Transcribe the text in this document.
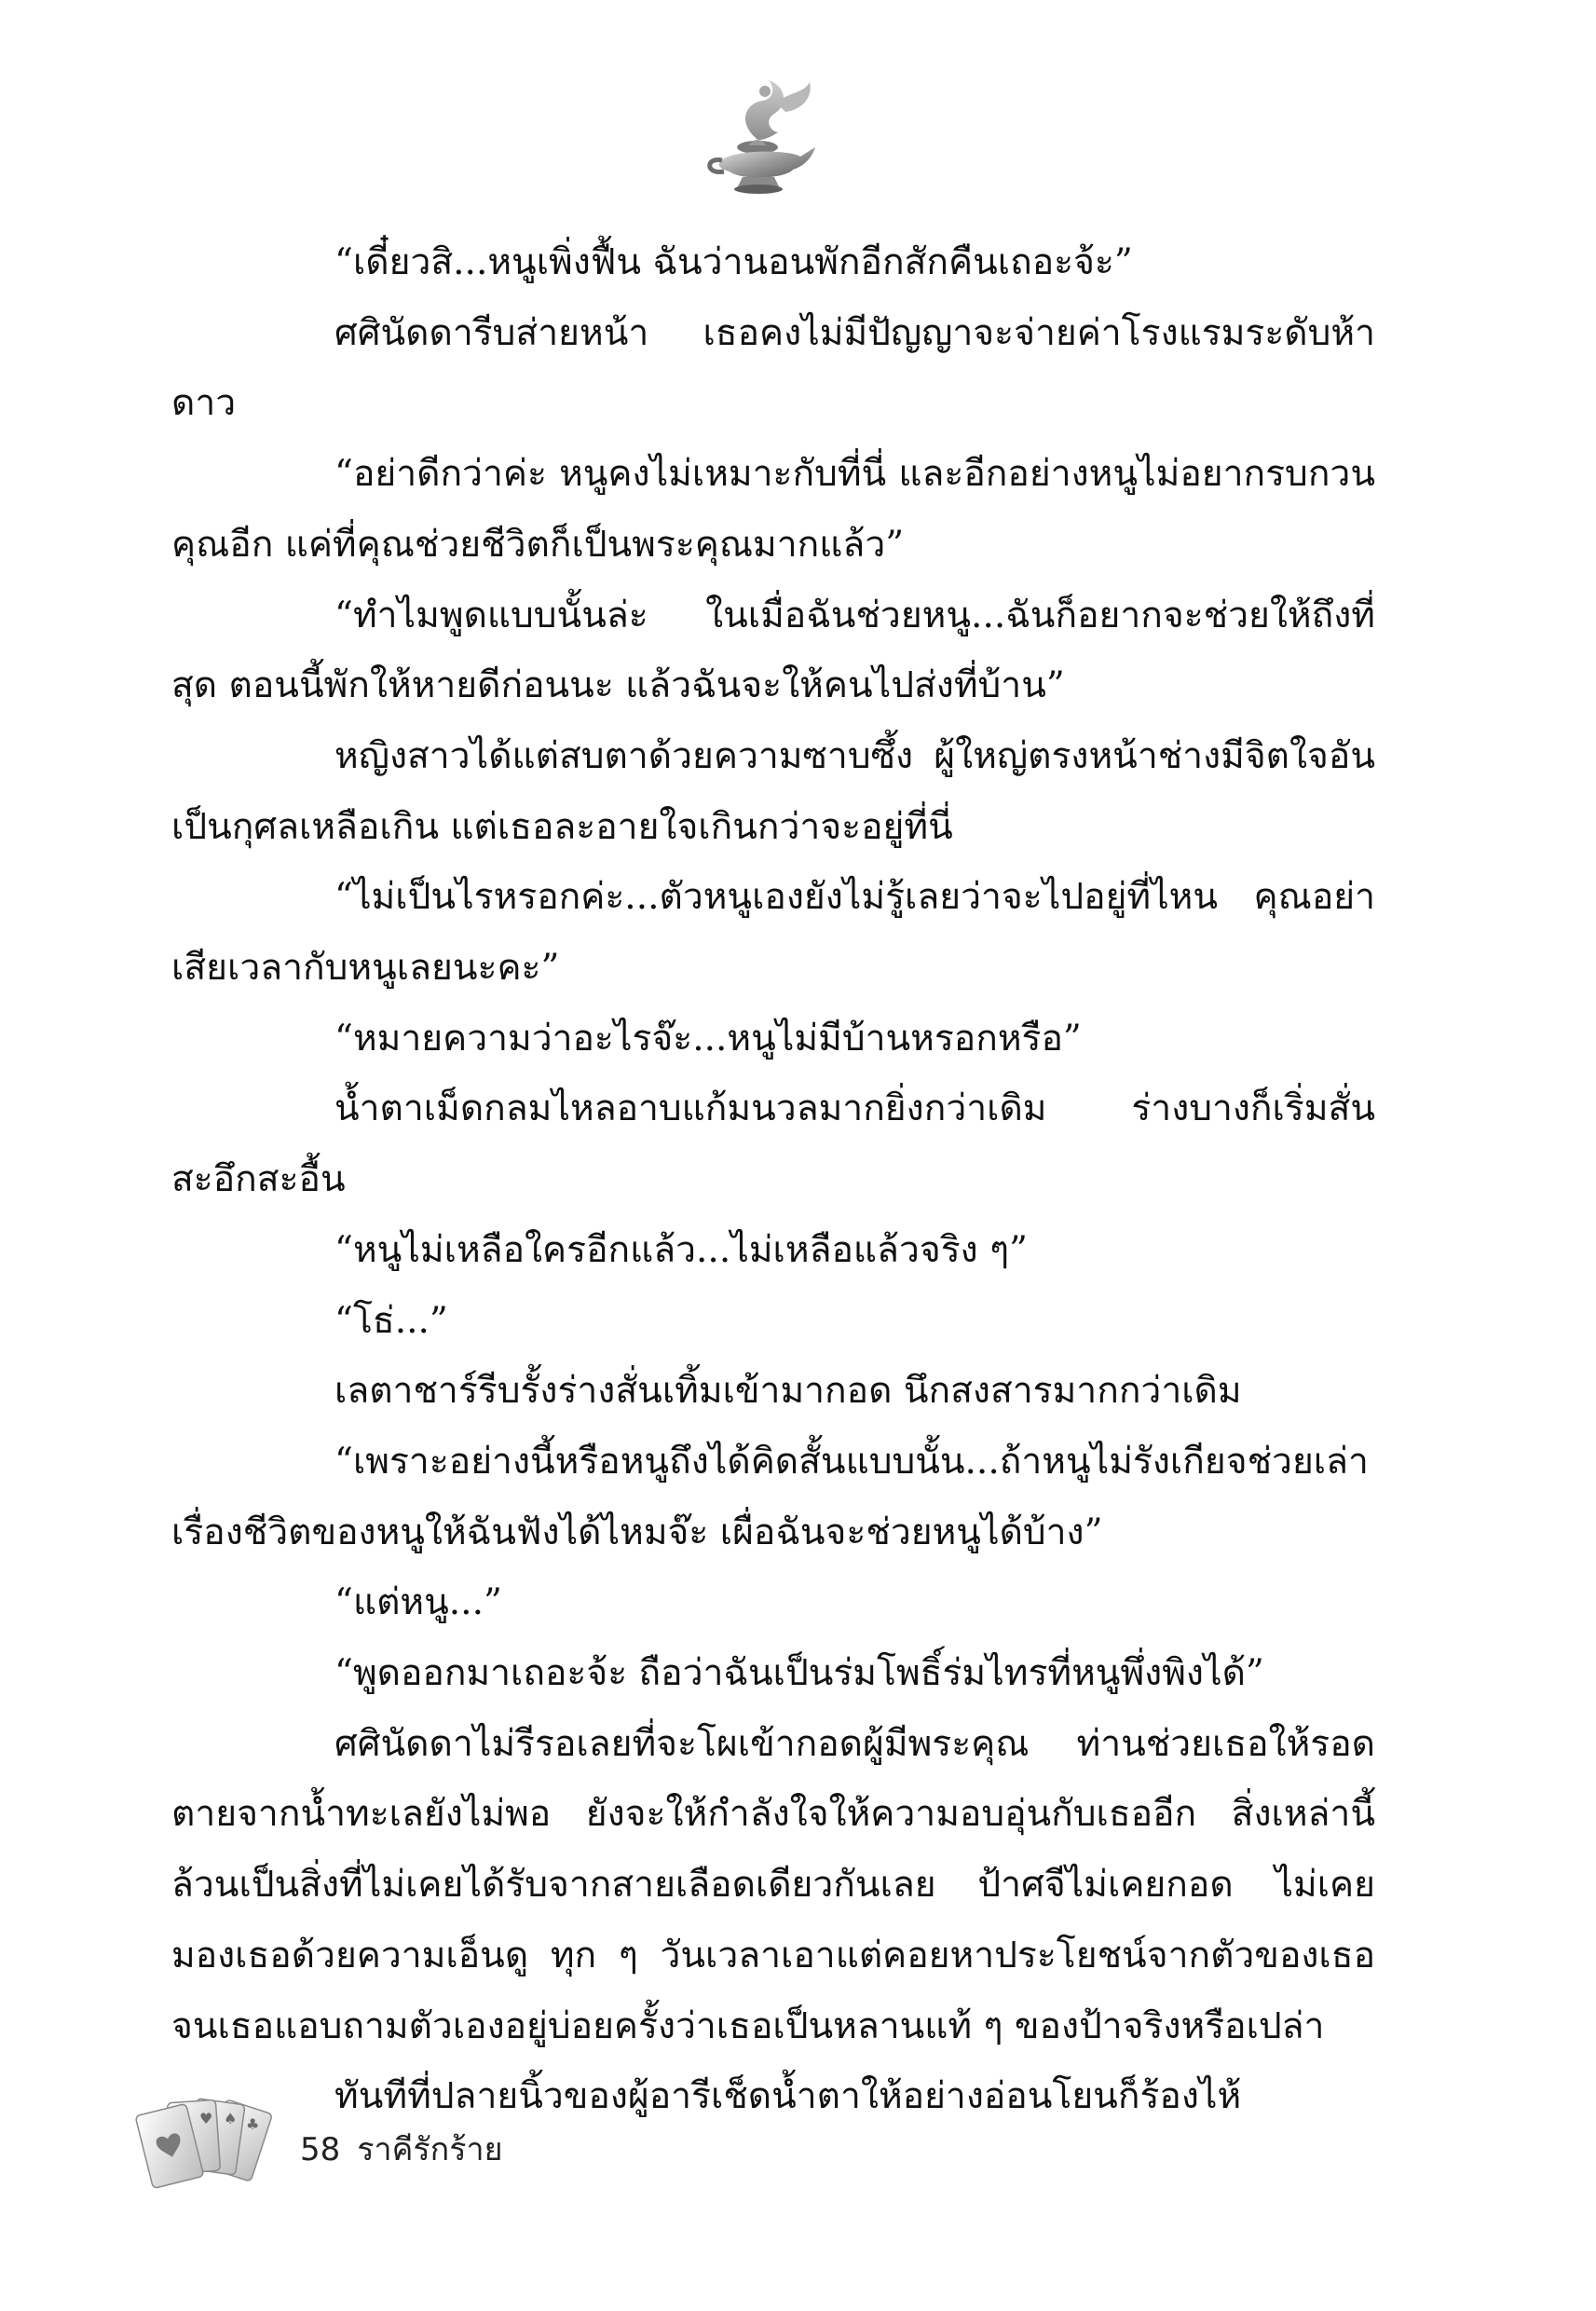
“เดี๋ยวสิ...หนูเพิ่งฟื้น ฉันว่านอนพักอีกสักคืนเถอะจ้ะ”

ศศินัดดารีบส่ายหน้า เธอคงไม่มีปัญญาจะจ่ายค่าโรงแรมระดับห้าดาว

“อย่าดีกว่าค่ะ หนูคงไม่เหมาะกับที่นี่ และอีกอย่างหนูไม่อยากรบกวนคุณอีก แค่ที่คุณช่วยชีวิตก็เป็นพระคุณมากแล้ว”

“ทำไมพูดแบบนั้นล่ะ ในเมื่อฉันช่วยหนู...ฉันก็อยากจะช่วยให้ถึงที่สุด ตอนนี้พักให้หายดีก่อนนะ แล้วฉันจะให้คนไปส่งที่บ้าน”

หญิงสาวได้แต่สบตาด้วยความซาบซึ้ง ผู้ใหญ่ตรงหน้าช่างมีจิตใจอันเป็นกุศลเหลือเกิน แต่เธอละอายใจเกินกว่าจะอยู่ที่นี่

“ไม่เป็นไรหรอกค่ะ...ตัวหนูเองยังไม่รู้เลยว่าจะไปอยู่ที่ไหน คุณอย่าเสียเวลากับหนูเลยนะคะ”

“หมายความว่าอะไรจ๊ะ...หนูไม่มีบ้านหรอกหรือ”

น้ำตาเม็ดกลมไหลอาบแก้มนวลมากยิ่งกว่าเดิม ร่างบางก็เริ่มสั่นสะอึกสะอื้น

“หนูไม่เหลือใครอีกแล้ว...ไม่เหลือแล้วจริง ๆ”

“โธ่...”

เลตาชาร์รีบรั้งร่างสั่นเทิ้มเข้ามากอด นึกสงสารมากกว่าเดิม

“เพราะอย่างนี้หรือหนูถึงได้คิดสั้นแบบนั้น...ถ้าหนูไม่รังเกียจช่วยเล่าเรื่องชีวิตของหนูให้ฉันฟังได้ไหมจ๊ะ เผื่อฉันจะช่วยหนูได้บ้าง”

“แต่หนู...”

“พูดออกมาเถอะจ้ะ ถือว่าฉันเป็นร่มโพธิ์ร่มไทรที่หนูพึ่งพิงได้”

ศศินัดดาไม่รีรอเลยที่จะโผเข้ากอดผู้มีพระคุณ ท่านช่วยเธอให้รอดตายจากน้ำทะเลยังไม่พอ ยังจะให้กำลังใจให้ความอบอุ่นกับเธออีก สิ่งเหล่านี้ล้วนเป็นสิ่งที่ไม่เคยได้รับจากสายเลือดเดียวกันเลย ป้าศจีไม่เคยกอด ไม่เคยมองเธอด้วยความเอ็นดู ทุก ๆ วันเวลาเอาแต่คอยหาประโยชน์จากตัวของเธอ จนเธอแอบถามตัวเองอยู่บ่อยครั้งว่าเธอเป็นหลานแท้ ๆ ของป้าจริงหรือเปล่า

ทันทีที่ปลายนิ้วของผู้อารีเช็ดน้ำตาให้อย่างอ่อนโยนก็ร้องไห้

♥ ♠ ♣
58 ราคีรักร้าย
